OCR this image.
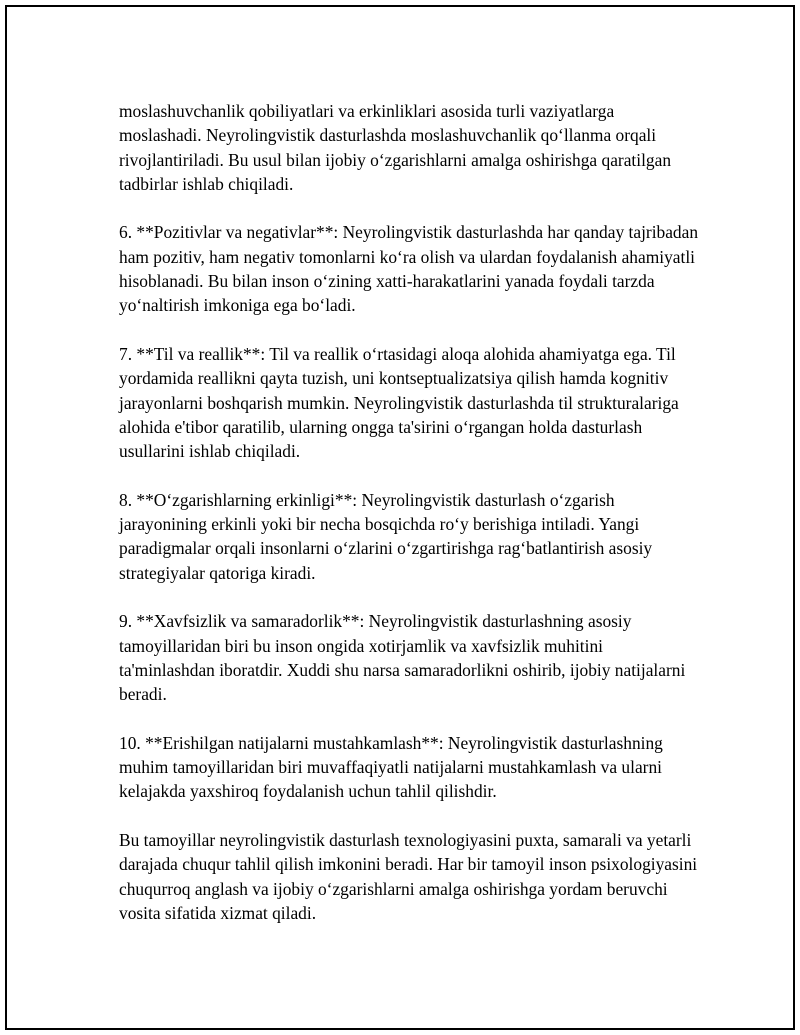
moslashuvchanlik qobiliyatlari va erkinliklari asosida turli vaziyatlarga moslashadi. Neyrolingvistik dasturlashda moslashuvchanlik qo‘llanma orqali rivojlantiriladi. Bu usul bilan ijobiy o‘zgarishlarni amalga oshirishga qaratilgan tadbirlar ishlab chiqiladi.

6. **Pozitivlar va negativlar**: Neyrolingvistik dasturlashda har qanday tajribadan ham pozitiv, ham negativ tomonlarni ko‘ra olish va ulardan foydalanish ahamiyatli hisoblanadi. Bu bilan inson o‘zining xatti-harakatlarini yanada foydali tarzda yo‘naltirish imkoniga ega bo‘ladi.

7. **Til va reallik**: Til va reallik o‘rtasidagi aloqa alohida ahamiyatga ega. Til yordamida reallikni qayta tuzish, uni kontseptualizatsiya qilish hamda kognitiv jarayonlarni boshqarish mumkin. Neyrolingvistik dasturlashda til strukturalariga alohida e'tibor qaratilib, ularning ongga ta'sirini o‘rgangan holda dasturlash usullarini ishlab chiqiladi.

8. **O‘zgarishlarning erkinligi**: Neyrolingvistik dasturlash o‘zgarish jarayonining erkinli yoki bir necha bosqichda ro‘y berishiga intiladi. Yangi paradigmalar orqali insonlarni o‘zlarini o‘zgartirishga rag‘batlantirish asosiy strategiyalar qatoriga kiradi.

9. **Xavfsizlik va samaradorlik**: Neyrolingvistik dasturlashning asosiy tamoyillaridan biri bu inson ongida xotirjamlik va xavfsizlik muhitini ta'minlashdan iboratdir. Xuddi shu narsa samaradorlikni oshirib, ijobiy natijalarni beradi.

10. **Erishilgan natijalarni mustahkamlash**: Neyrolingvistik dasturlashning muhim tamoyillaridan biri muvaffaqiyatli natijalarni mustahkamlash va ularni kelajakda yaxshiroq foydalanish uchun tahlil qilishdir.

Bu tamoyillar neyrolingvistik dasturlash texnologiyasini puxta, samarali va yetarli darajada chuqur tahlil qilish imkonini beradi. Har bir tamoyil inson psixologiyasini chuqurroq anglash va ijobiy o‘zgarishlarni amalga oshirishga yordam beruvchi vosita sifatida xizmat qiladi.
